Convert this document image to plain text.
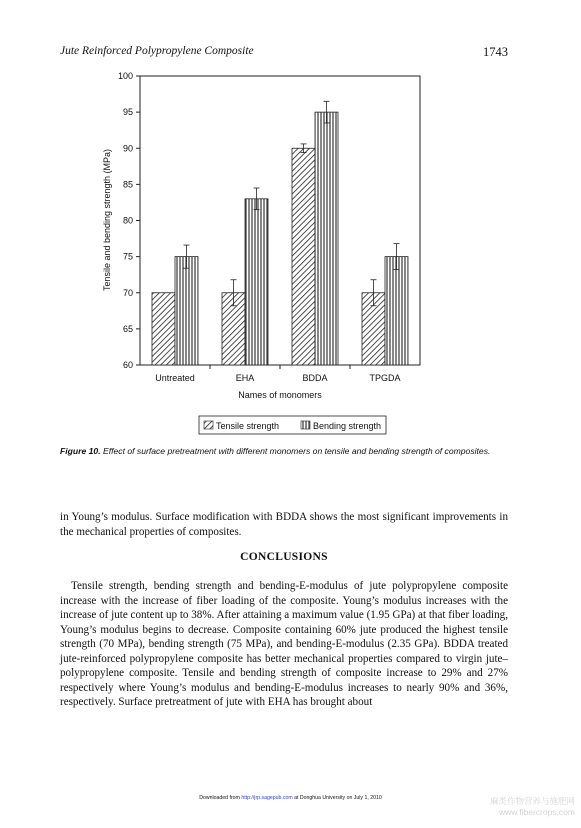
Jute Reinforced Polypropylene Composite	1743
60
65
70
75
80
85
90
95
100
Untreated	EHA	BDDA	TPGDA
Tensile and bending strength (MPa)
Names of monomers
Tensile strength	Bending strength
Figure 10. Effect of surface pretreatment with different monomers on tensile and bending strength of composites.

in Young’s modulus. Surface modification with BDDA shows the most significant improvements in the mechanical properties of composites.

CONCLUSIONS

Tensile strength, bending strength and bending-E-modulus of jute polypropylene composite increase with the increase of fiber loading of the composite. Young’s modulus increases with the increase of jute content up to 38%. After attaining a maximum value (1.95 GPa) at that fiber loading, Young’s modulus begins to decrease. Composite containing 60% jute produced the highest tensile strength (70 MPa), bending strength (75 MPa), and bending-E-modulus (2.35 GPa). BDDA treated jute-reinforced polypropylene composite has better mechanical properties compared to virgin jute–polypropylene composite. Tensile and bending strength of composite increase to 29% and 27% respectively where Young’s modulus and bending-E-modulus increases to nearly 90% and 36%, respectively. Surface pretreatment of jute with EHA has brought about

Downloaded from http://jrp.sagepub.com at Donghua University on July 1, 2010	麻类作物营养与施肥网
www.fibercrops.com
